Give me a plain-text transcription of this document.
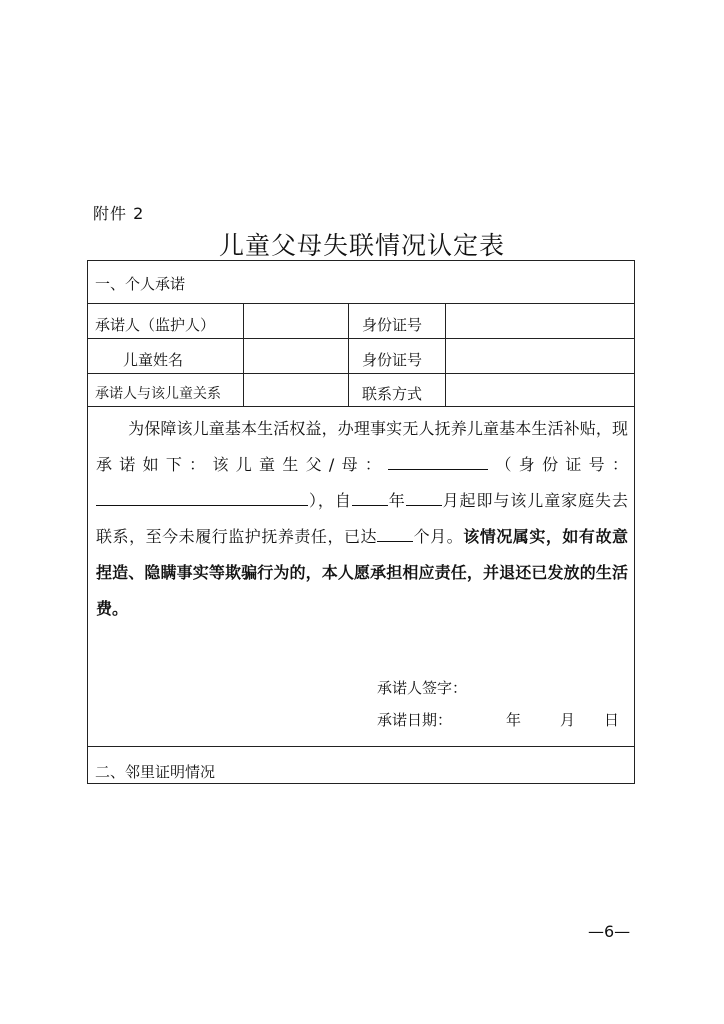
附件 2
儿童父母失联情况认定表
一、个人承诺
承诺人（监护人）	身份证号
儿童姓名	身份证号
承诺人与该儿童关系	联系方式

为保障该儿童基本生活权益，办理事实无人抚养儿童基本生活补贴，现承诺如下：该儿童生父/母：	（身份证号：），自 年 月起即与该儿童家庭失去联系，至今未履行监护抚养责任，已达 个月。该情况属实，如有故意捏造、隐瞒事实等欺骗行为的，本人愿承担相应责任，并退还已发放的生活费。

承诺人签字：
承诺日期：	年	月 日
二、邻里证明情况
—6—
